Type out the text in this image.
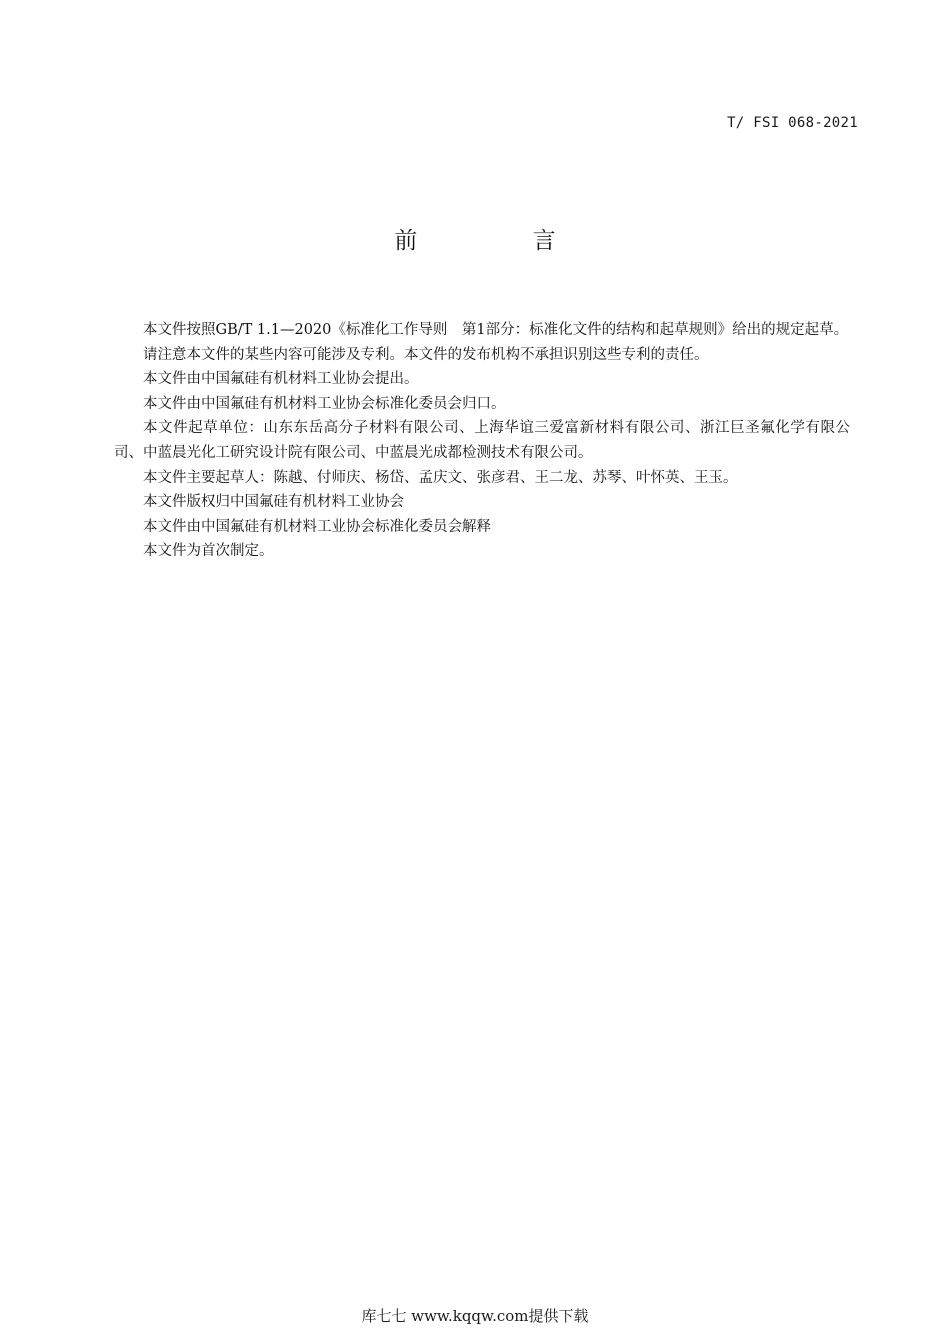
T/ FSI 068-2021
前 言

本文件按照GB/T 1.1—2020《标准化工作导则　第1部分：标准化文件的结构和起草规则》给出的规定起草。

请注意本文件的某些内容可能涉及专利。本文件的发布机构不承担识别这些专利的责任。

本文件由中国氟硅有机材料工业协会提出。

本文件由中国氟硅有机材料工业协会标准化委员会归口。

本文件起草单位：山东东岳高分子材料有限公司、上海华谊三爱富新材料有限公司、浙江巨圣氟化学有限公司、中蓝晨光化工研究设计院有限公司、中蓝晨光成都检测技术有限公司。

本文件主要起草人：陈越、付师庆、杨岱、孟庆文、张彦君、王二龙、苏琴、叶怀英、王玉。

本文件版权归中国氟硅有机材料工业协会

本文件由中国氟硅有机材料工业协会标准化委员会解释

本文件为首次制定。

库七七 www.kqqw.com提供下载
